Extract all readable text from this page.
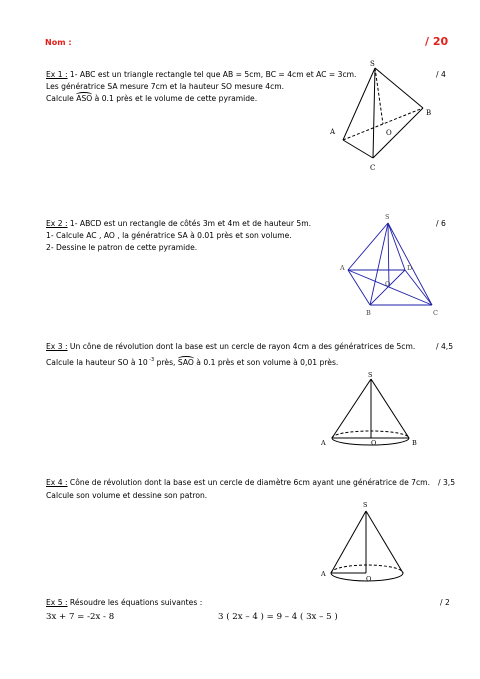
Nom :	/ 20
Ex 1 : 1- ABC est un triangle rectangle tel que AB = 5cm, BC = 4cm et AC = 3cm.
Les génératrice SA mesure 7cm et la hauteur SO mesure 4cm.
Calcule ASO à 0.1 près et le volume de cette pyramide.
/ 4
S
A
B
C
O
Ex 2 : 1- ABCD est un rectangle de côtés 3m et 4m et de hauteur 5m.
1- Calcule AC , AO , la génératrice SA à 0.01 près et son volume.
2- Dessine le patron de cette pyramide.
/ 6
S
A
B	C
D
O
Ex 3 : Un cône de révolution dont la base est un cercle de rayon 4cm a des génératrices de 5cm.
Calcule la hauteur SO à 10 $^{-3}$ près, SAO à 0.1 près et son volume à 0,01 près.
/ 4,5
S
A	O	B
Ex 4 : Cône de révolution dont la base est un cercle de diamètre 6cm ayant une génératrice de 7cm.
Calcule son volume et dessine son patron.
/ 3,5
S
A
O
Ex 5 : Résoudre les équations suivantes :	/ 2
3x + 7 = -2x - 8	3 ( 2x – 4 ) = 9 – 4 ( 3x – 5 )
